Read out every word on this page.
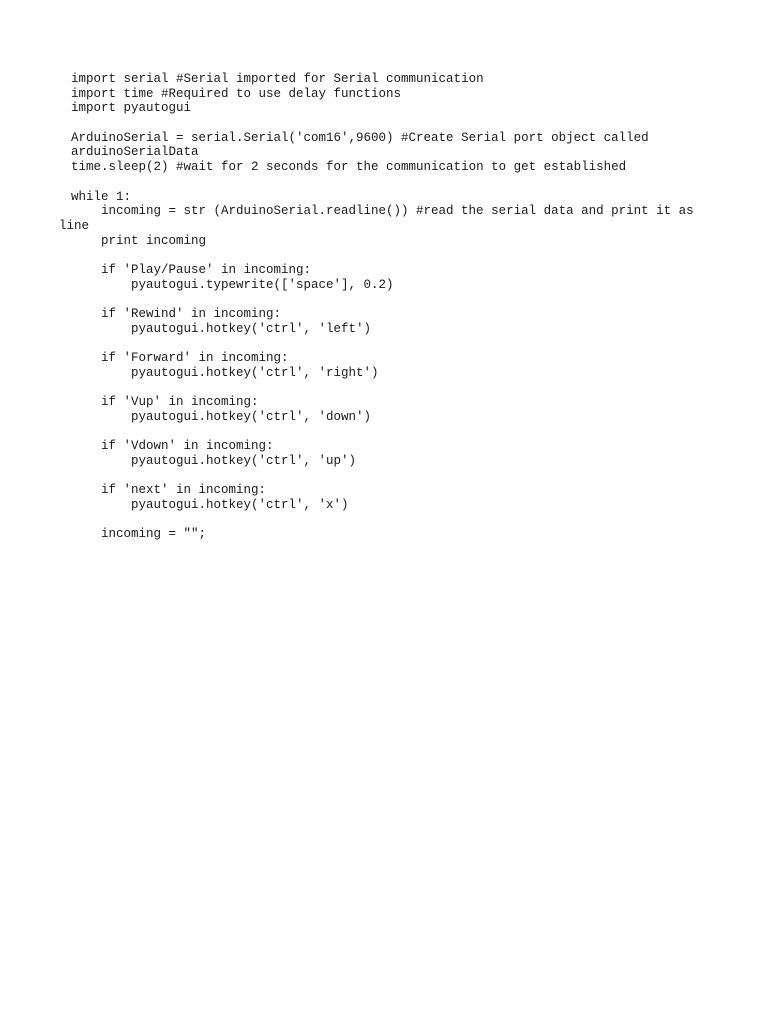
import serial #Serial imported for Serial communication
import time #Required to use delay functions
import pyautogui
ArduinoSerial = serial.Serial('com16',9600) #Create Serial port object called
arduinoSerialData
time.sleep(2) #wait for 2 seconds for the communication to get established
while 1:
incoming = str (ArduinoSerial.readline()) #read the serial data and print it as
line
print incoming
if 'Play/Pause' in incoming:
pyautogui.typewrite(['space'], 0.2)
if 'Rewind' in incoming:
pyautogui.hotkey('ctrl', 'left')
if 'Forward' in incoming:
pyautogui.hotkey('ctrl', 'right')
if 'Vup' in incoming:
pyautogui.hotkey('ctrl', 'down')
if 'Vdown' in incoming:
pyautogui.hotkey('ctrl', 'up')
if 'next' in incoming:
pyautogui.hotkey('ctrl', 'x')
incoming = "";
